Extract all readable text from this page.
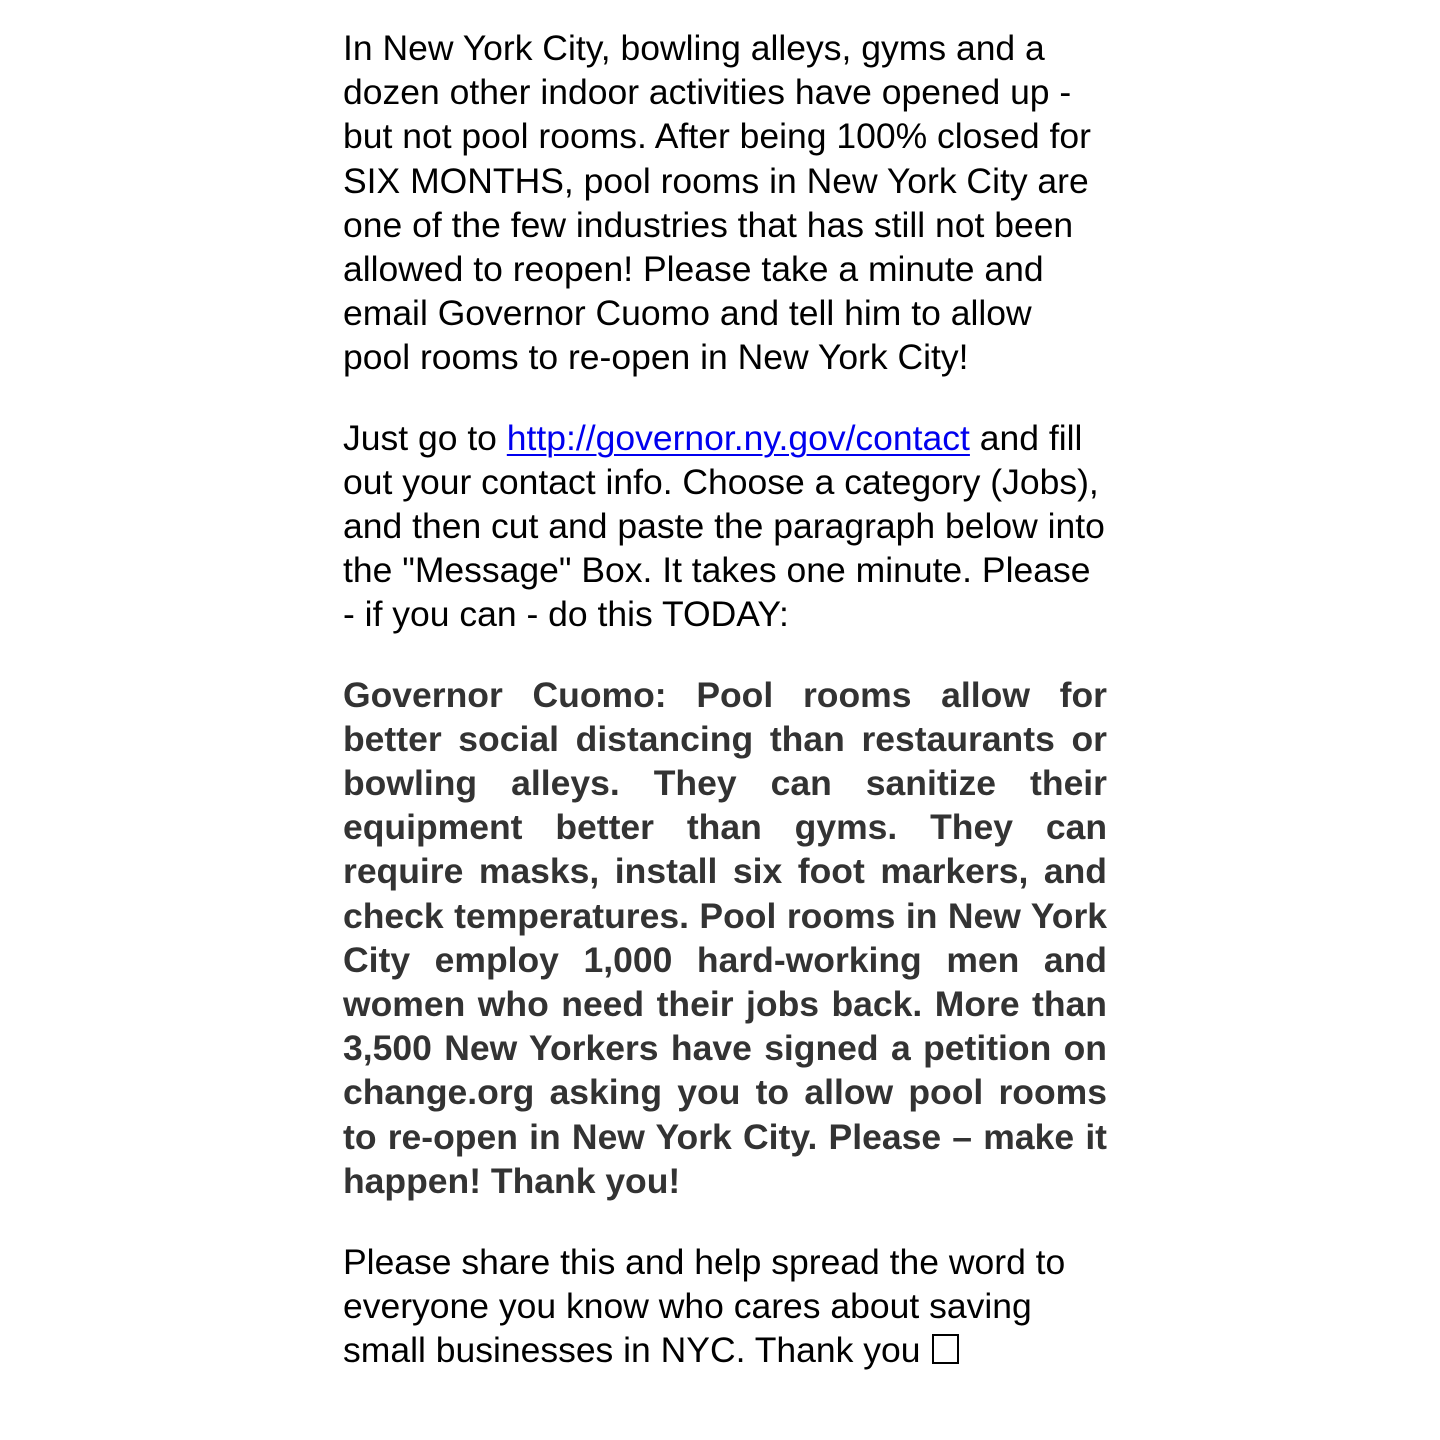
In New York City, bowling alleys, gyms and a dozen other indoor activities have opened up - but not pool rooms. After being 100% closed for SIX MONTHS, pool rooms in New York City are one of the few industries that has still not been allowed to reopen! Please take a minute and email Governor Cuomo and tell him to allow pool rooms to re-open in New York City!

Just go to http://governor.ny.gov/contact and fill out your contact info. Choose a category (Jobs), and then cut and paste the paragraph below into the "Message" Box. It takes one minute. Please - if you can - do this TODAY:

Governor Cuomo: Pool rooms allow for better social distancing than restaurants or bowling alleys. They can sanitize their equipment better than gyms. They can require masks, install six foot markers, and check temperatures. Pool rooms in New York City employ 1,000 hard-working men and women who need their jobs back. More than 3,500 New Yorkers have signed a petition on change.org asking you to allow pool rooms to re-open in New York City. Please – make it happen! Thank you!

Please share this and help spread the word to everyone you know who cares about saving small businesses in NYC. Thank you
